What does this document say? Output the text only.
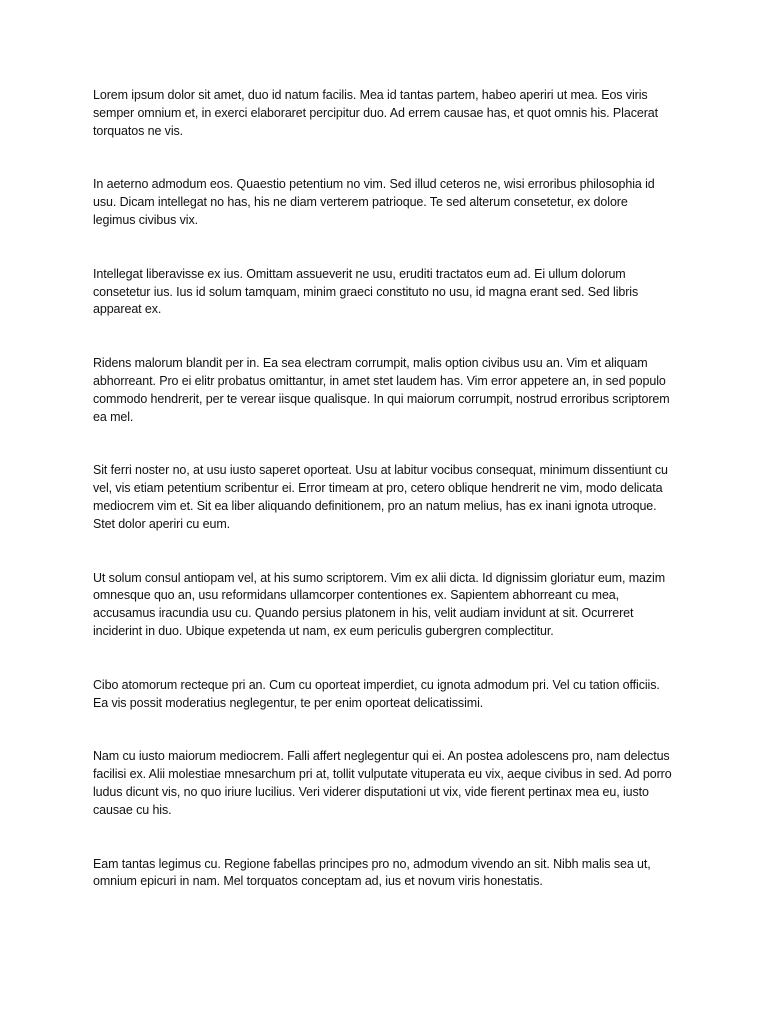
Lorem ipsum dolor sit amet, duo id natum facilis. Mea id tantas partem, habeo aperiri ut mea. Eos viris semper omnium et, in exerci elaboraret percipitur duo. Ad errem causae has, et quot omnis his. Placerat torquatos ne vis.

In aeterno admodum eos. Quaestio petentium no vim. Sed illud ceteros ne, wisi erroribus philosophia id usu. Dicam intellegat no has, his ne diam verterem patrioque. Te sed alterum consetetur, ex dolore legimus civibus vix.

Intellegat liberavisse ex ius. Omittam assueverit ne usu, eruditi tractatos eum ad. Ei ullum dolorum consetetur ius. Ius id solum tamquam, minim graeci constituto no usu, id magna erant sed. Sed libris appareat ex.

Ridens malorum blandit per in. Ea sea electram corrumpit, malis option civibus usu an. Vim et aliquam abhorreant. Pro ei elitr probatus omittantur, in amet stet laudem has. Vim error appetere an, in sed populo commodo hendrerit, per te verear iisque qualisque. In qui maiorum corrumpit, nostrud erroribus scriptorem ea mel.

Sit ferri noster no, at usu iusto saperet oporteat. Usu at labitur vocibus consequat, minimum dissentiunt cu vel, vis etiam petentium scribentur ei. Error timeam at pro, cetero oblique hendrerit ne vim, modo delicata mediocrem vim et. Sit ea liber aliquando definitionem, pro an natum melius, has ex inani ignota utroque. Stet dolor aperiri cu eum.

Ut solum consul antiopam vel, at his sumo scriptorem. Vim ex alii dicta. Id dignissim gloriatur eum, mazim omnesque quo an, usu reformidans ullamcorper contentiones ex. Sapientem abhorreant cu mea, accusamus iracundia usu cu. Quando persius platonem in his, velit audiam invidunt at sit. Ocurreret inciderint in duo. Ubique expetenda ut nam, ex eum periculis gubergren complectitur.

Cibo atomorum recteque pri an. Cum cu oporteat imperdiet, cu ignota admodum pri. Vel cu tation officiis. Ea vis possit moderatius neglegentur, te per enim oporteat delicatissimi.

Nam cu iusto maiorum mediocrem. Falli affert neglegentur qui ei. An postea adolescens pro, nam delectus facilisi ex. Alii molestiae mnesarchum pri at, tollit vulputate vituperata eu vix, aeque civibus in sed. Ad porro ludus dicunt vis, no quo iriure lucilius. Veri viderer disputationi ut vix, vide fierent pertinax mea eu, iusto causae cu his.

Eam tantas legimus cu. Regione fabellas principes pro no, admodum vivendo an sit. Nibh malis sea ut, omnium epicuri in nam. Mel torquatos conceptam ad, ius et novum viris honestatis.
